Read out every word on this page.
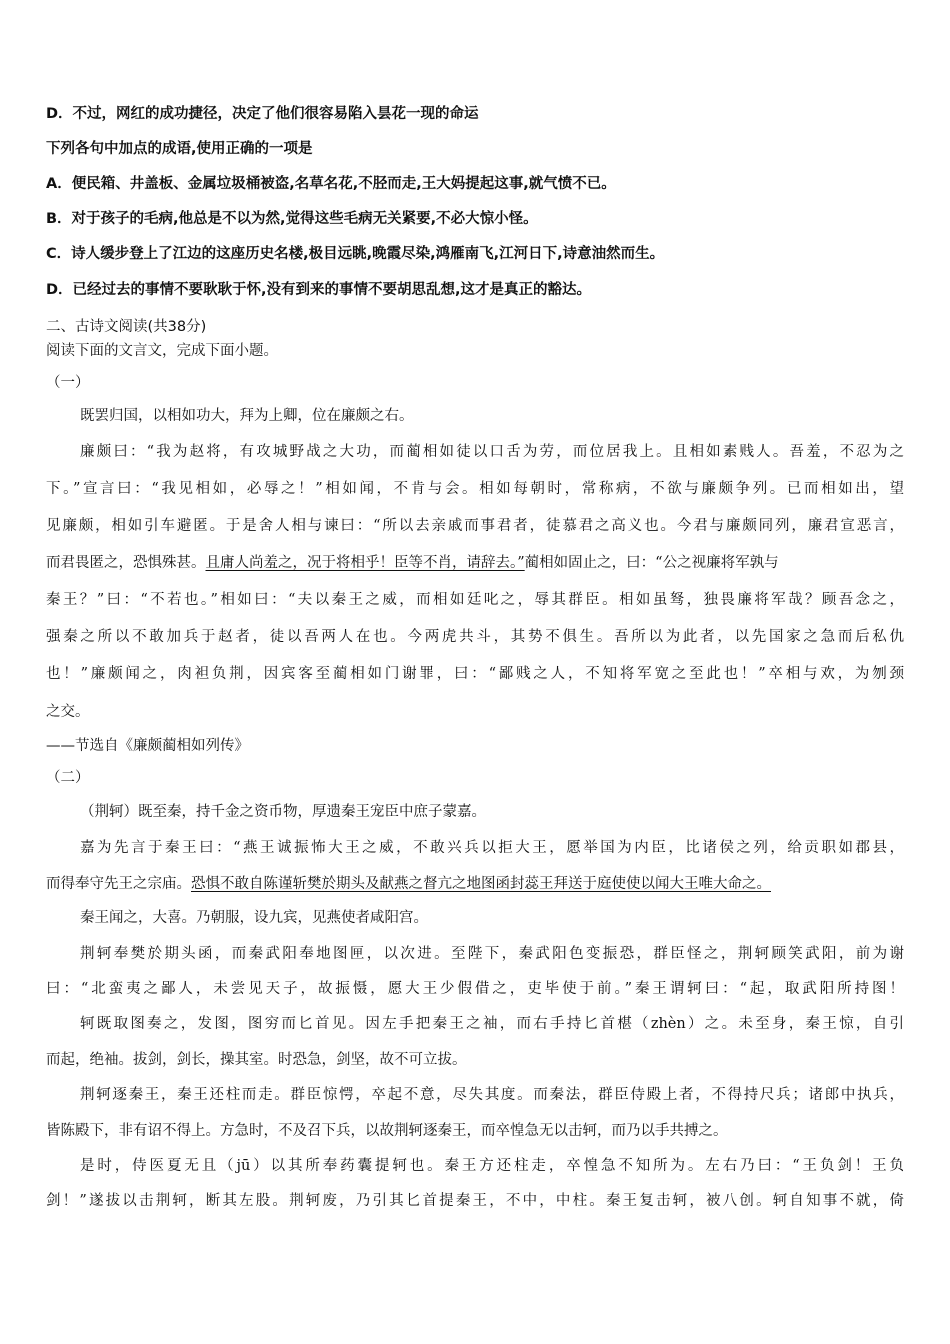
D．不过，网红的成功捷径，决定了他们很容易陷入昙花一现的命运
下列各句中加点的成语,使用正确的一项是
A．便民箱、井盖板、金属垃圾桶被盗,名草名花,不胫而走,王大妈提起这事,就气愤不已。
B．对于孩子的毛病,他总是不以为然,觉得这些毛病无关紧要,不必大惊小怪。
C．诗人缓步登上了江边的这座历史名楼,极目远眺,晚霞尽染,鸿雁南飞,江河日下,诗意油然而生。
D．已经过去的事情不要耿耿于怀,没有到来的事情不要胡思乱想,这才是真正的豁达。
二、古诗文阅读(共38分)
阅读下面的文言文，完成下面小题。
（一）
既罢归国，以相如功大，拜为上卿，位在廉颇之右。
廉颇曰：“我为赵将，有攻城野战之大功，而蔺相如徒以口舌为劳，而位居我上。且相如素贱人。吾羞，不忍为之
下。”宣言曰：“我见相如，必辱之！”相如闻，不肯与会。相如每朝时，常称病，不欲与廉颇争列。已而相如出，望
见廉颇，相如引车避匿。于是舍人相与谏曰：“所以去亲戚而事君者，徒慕君之高义也。今君与廉颇同列，廉君宣恶言，
而君畏匿之，恐惧殊甚。且庸人尚羞之，况于将相乎！臣等不肖，请辞去。”蔺相如固止之，曰：“公之视廉将军孰与
秦王？”曰：“不若也。”相如曰：“夫以秦王之威，而相如廷叱之，辱其群臣。相如虽驽，独畏廉将军哉？顾吾念之，
强秦之所以不敢加兵于赵者，徒以吾两人在也。今两虎共斗，其势不俱生。吾所以为此者，以先国家之急而后私仇
也！”廉颇闻之，肉袒负荆，因宾客至蔺相如门谢罪，曰：“鄙贱之人，不知将军宽之至此也！”卒相与欢，为刎颈
之交。
——节选自《廉颇蔺相如列传》
（二）
（荆轲）既至秦，持千金之资币物，厚遗秦王宠臣中庶子蒙嘉。
嘉为先言于秦王曰：“燕王诚振怖大王之威，不敢兴兵以拒大王，愿举国为内臣，比诸侯之列，给贡职如郡县，
而得奉守先王之宗庙。恐惧不敢自陈谨斩樊於期头及献燕之督亢之地图函封蕊王拜送于庭使使以闻大王唯大命之。
秦王闻之，大喜。乃朝服，设九宾，见燕使者咸阳宫。
荆轲奉樊於期头函，而秦武阳奉地图匣，以次进。至陛下，秦武阳色变振恐，群臣怪之，荆轲顾笑武阳，前为谢
曰：“北蛮夷之鄙人，未尝见天子，故振慑，愿大王少假借之，吏毕使于前。”秦王谓轲曰：“起，取武阳所持图！
轲既取图奏之，发图，图穷而匕首见。因左手把秦王之袖，而右手持匕首椹（zhèn）之。未至身，秦王惊，自引
而起，绝袖。拔剑，剑长，操其室。时恐急，剑坚，故不可立拔。
荆轲逐秦王，秦王还柱而走。群臣惊愕，卒起不意，尽失其度。而秦法，群臣侍殿上者，不得持尺兵；诸郎中执兵，
皆陈殿下，非有诏不得上。方急时，不及召下兵，以故荆轲逐秦王，而卒惶急无以击轲，而乃以手共搏之。
是时，侍医夏无且（jū）以其所奉药囊提轲也。秦王方还柱走，卒惶急不知所为。左右乃曰：“王负剑！王负
剑！”遂拔以击荆轲，断其左股。荆轲废，乃引其匕首提秦王，不中，中柱。秦王复击轲，被八创。轲自知事不就，倚
